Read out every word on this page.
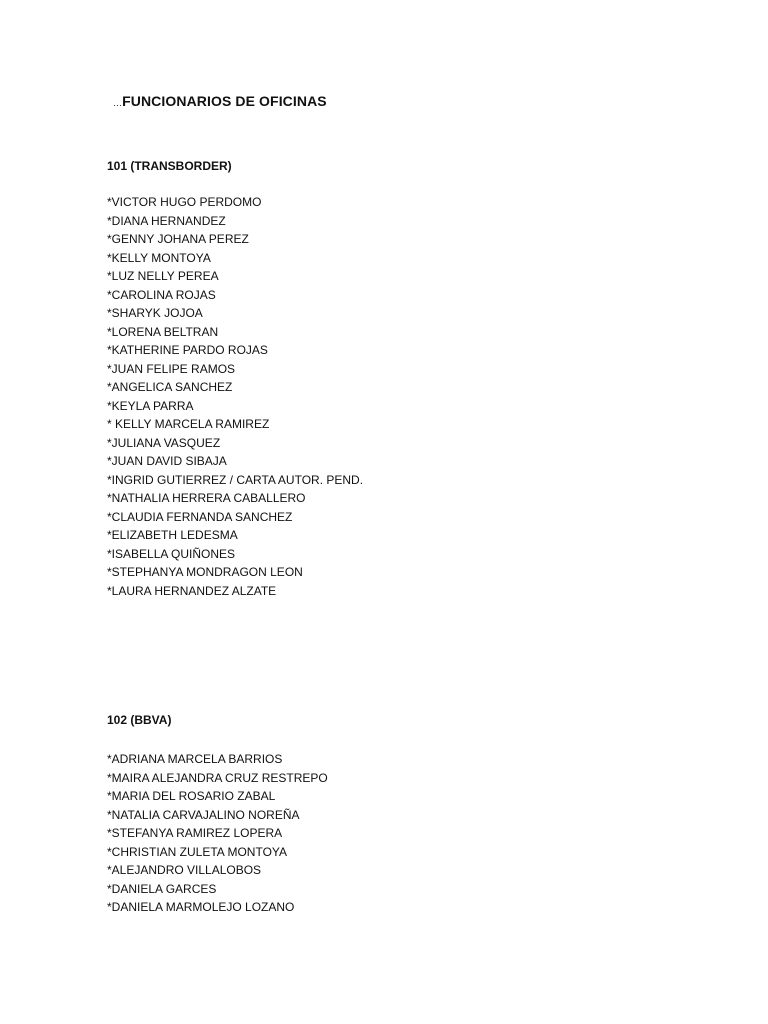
…FUNCIONARIOS DE OFICINAS
101 (TRANSBORDER)
*VICTOR HUGO PERDOMO
*DIANA HERNANDEZ
*GENNY JOHANA PEREZ
*KELLY MONTOYA
*LUZ NELLY PEREA
*CAROLINA ROJAS
*SHARYK JOJOA
*LORENA BELTRAN
*KATHERINE PARDO ROJAS
*JUAN FELIPE RAMOS
*ANGELICA SANCHEZ
*KEYLA PARRA
* KELLY MARCELA RAMIREZ
*JULIANA VASQUEZ
*JUAN DAVID SIBAJA
*INGRID GUTIERREZ / CARTA AUTOR. PEND.
*NATHALIA HERRERA CABALLERO
*CLAUDIA FERNANDA SANCHEZ
*ELIZABETH LEDESMA
*ISABELLA QUIÑONES
*STEPHANYA MONDRAGON LEON
*LAURA HERNANDEZ ALZATE
102 (BBVA)
*ADRIANA MARCELA BARRIOS
*MAIRA ALEJANDRA CRUZ RESTREPO
*MARIA DEL ROSARIO ZABAL
*NATALIA CARVAJALINO NOREÑA
*STEFANYA RAMIREZ LOPERA
*CHRISTIAN ZULETA MONTOYA
*ALEJANDRO VILLALOBOS
*DANIELA GARCES
*DANIELA MARMOLEJO LOZANO
